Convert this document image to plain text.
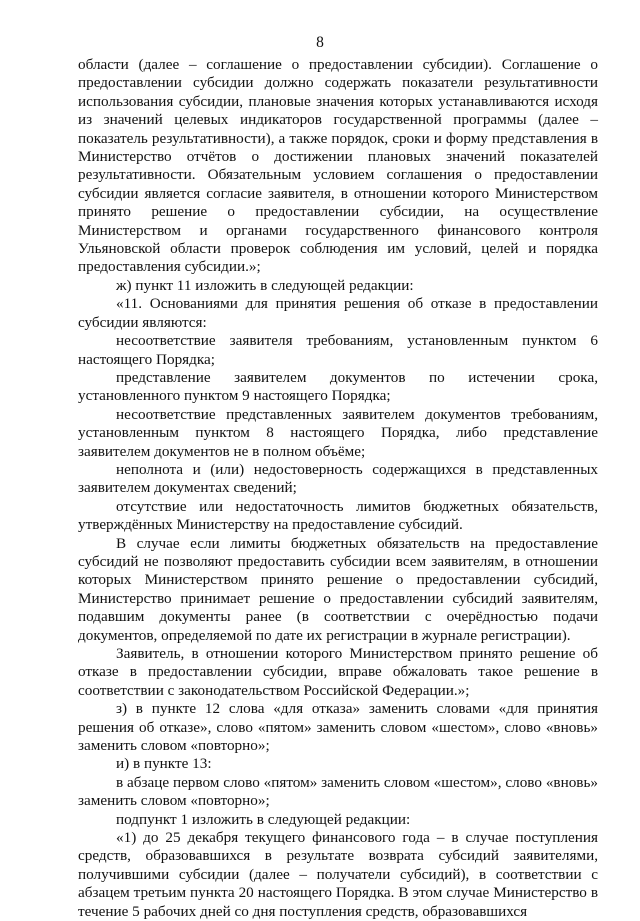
8

области (далее – соглашение о предоставлении субсидии). Соглашение о предоставлении субсидии должно содержать показатели результативности использования субсидии, плановые значения которых устанавливаются исходя из значений целевых индикаторов государственной программы (далее – показатель результативности), а также порядок, сроки и форму представления в Министерство отчётов о достижении плановых значений показателей результативности. Обязательным условием соглашения о предоставлении субсидии является согласие заявителя, в отношении которого Министерством принято решение о предоставлении субсидии, на осуществление Министерством и органами государственного финансового контроля Ульяновской области проверок соблюдения им условий, целей и порядка предоставления субсидии.»;

ж) пункт 11 изложить в следующей редакции:

«11. Основаниями для принятия решения об отказе в предоставлении субсидии являются:

несоответствие заявителя требованиям, установленным пунктом 6 настоящего Порядка;

представление заявителем документов по истечении срока, установленного пунктом 9 настоящего Порядка;

несоответствие представленных заявителем документов требованиям, установленным пунктом 8 настоящего Порядка, либо представление заявителем документов не в полном объёме;

неполнота и (или) недостоверность содержащихся в представленных заявителем документах сведений;

отсутствие или недостаточность лимитов бюджетных обязательств, утверждённых Министерству на предоставление субсидий.

В случае если лимиты бюджетных обязательств на предоставление субсидий не позволяют предоставить субсидии всем заявителям, в отношении которых Министерством принято решение о предоставлении субсидий, Министерство принимает решение о предоставлении субсидий заявителям, подавшим документы ранее (в соответствии с очерёдностью подачи документов, определяемой по дате их регистрации в журнале регистрации).

Заявитель, в отношении которого Министерством принято решение об отказе в предоставлении субсидии, вправе обжаловать такое решение в соответствии с законодательством Российской Федерации.»;

з) в пункте 12 слова «для отказа» заменить словами «для принятия решения об отказе», слово «пятом» заменить словом «шестом», слово «вновь» заменить словом «повторно»;

и) в пункте 13:

в абзаце первом слово «пятом» заменить словом «шестом», слово «вновь» заменить словом «повторно»;

подпункт 1 изложить в следующей редакции:

«1) до 25 декабря текущего финансового года – в случае поступления средств, образовавшихся в результате возврата субсидий заявителями, получившими субсидии (далее – получатели субсидий), в соответствии с абзацем третьим пункта 20 настоящего Порядка. В этом случае Министерство в течение 5 рабочих дней со дня поступления средств, образовавшихся
